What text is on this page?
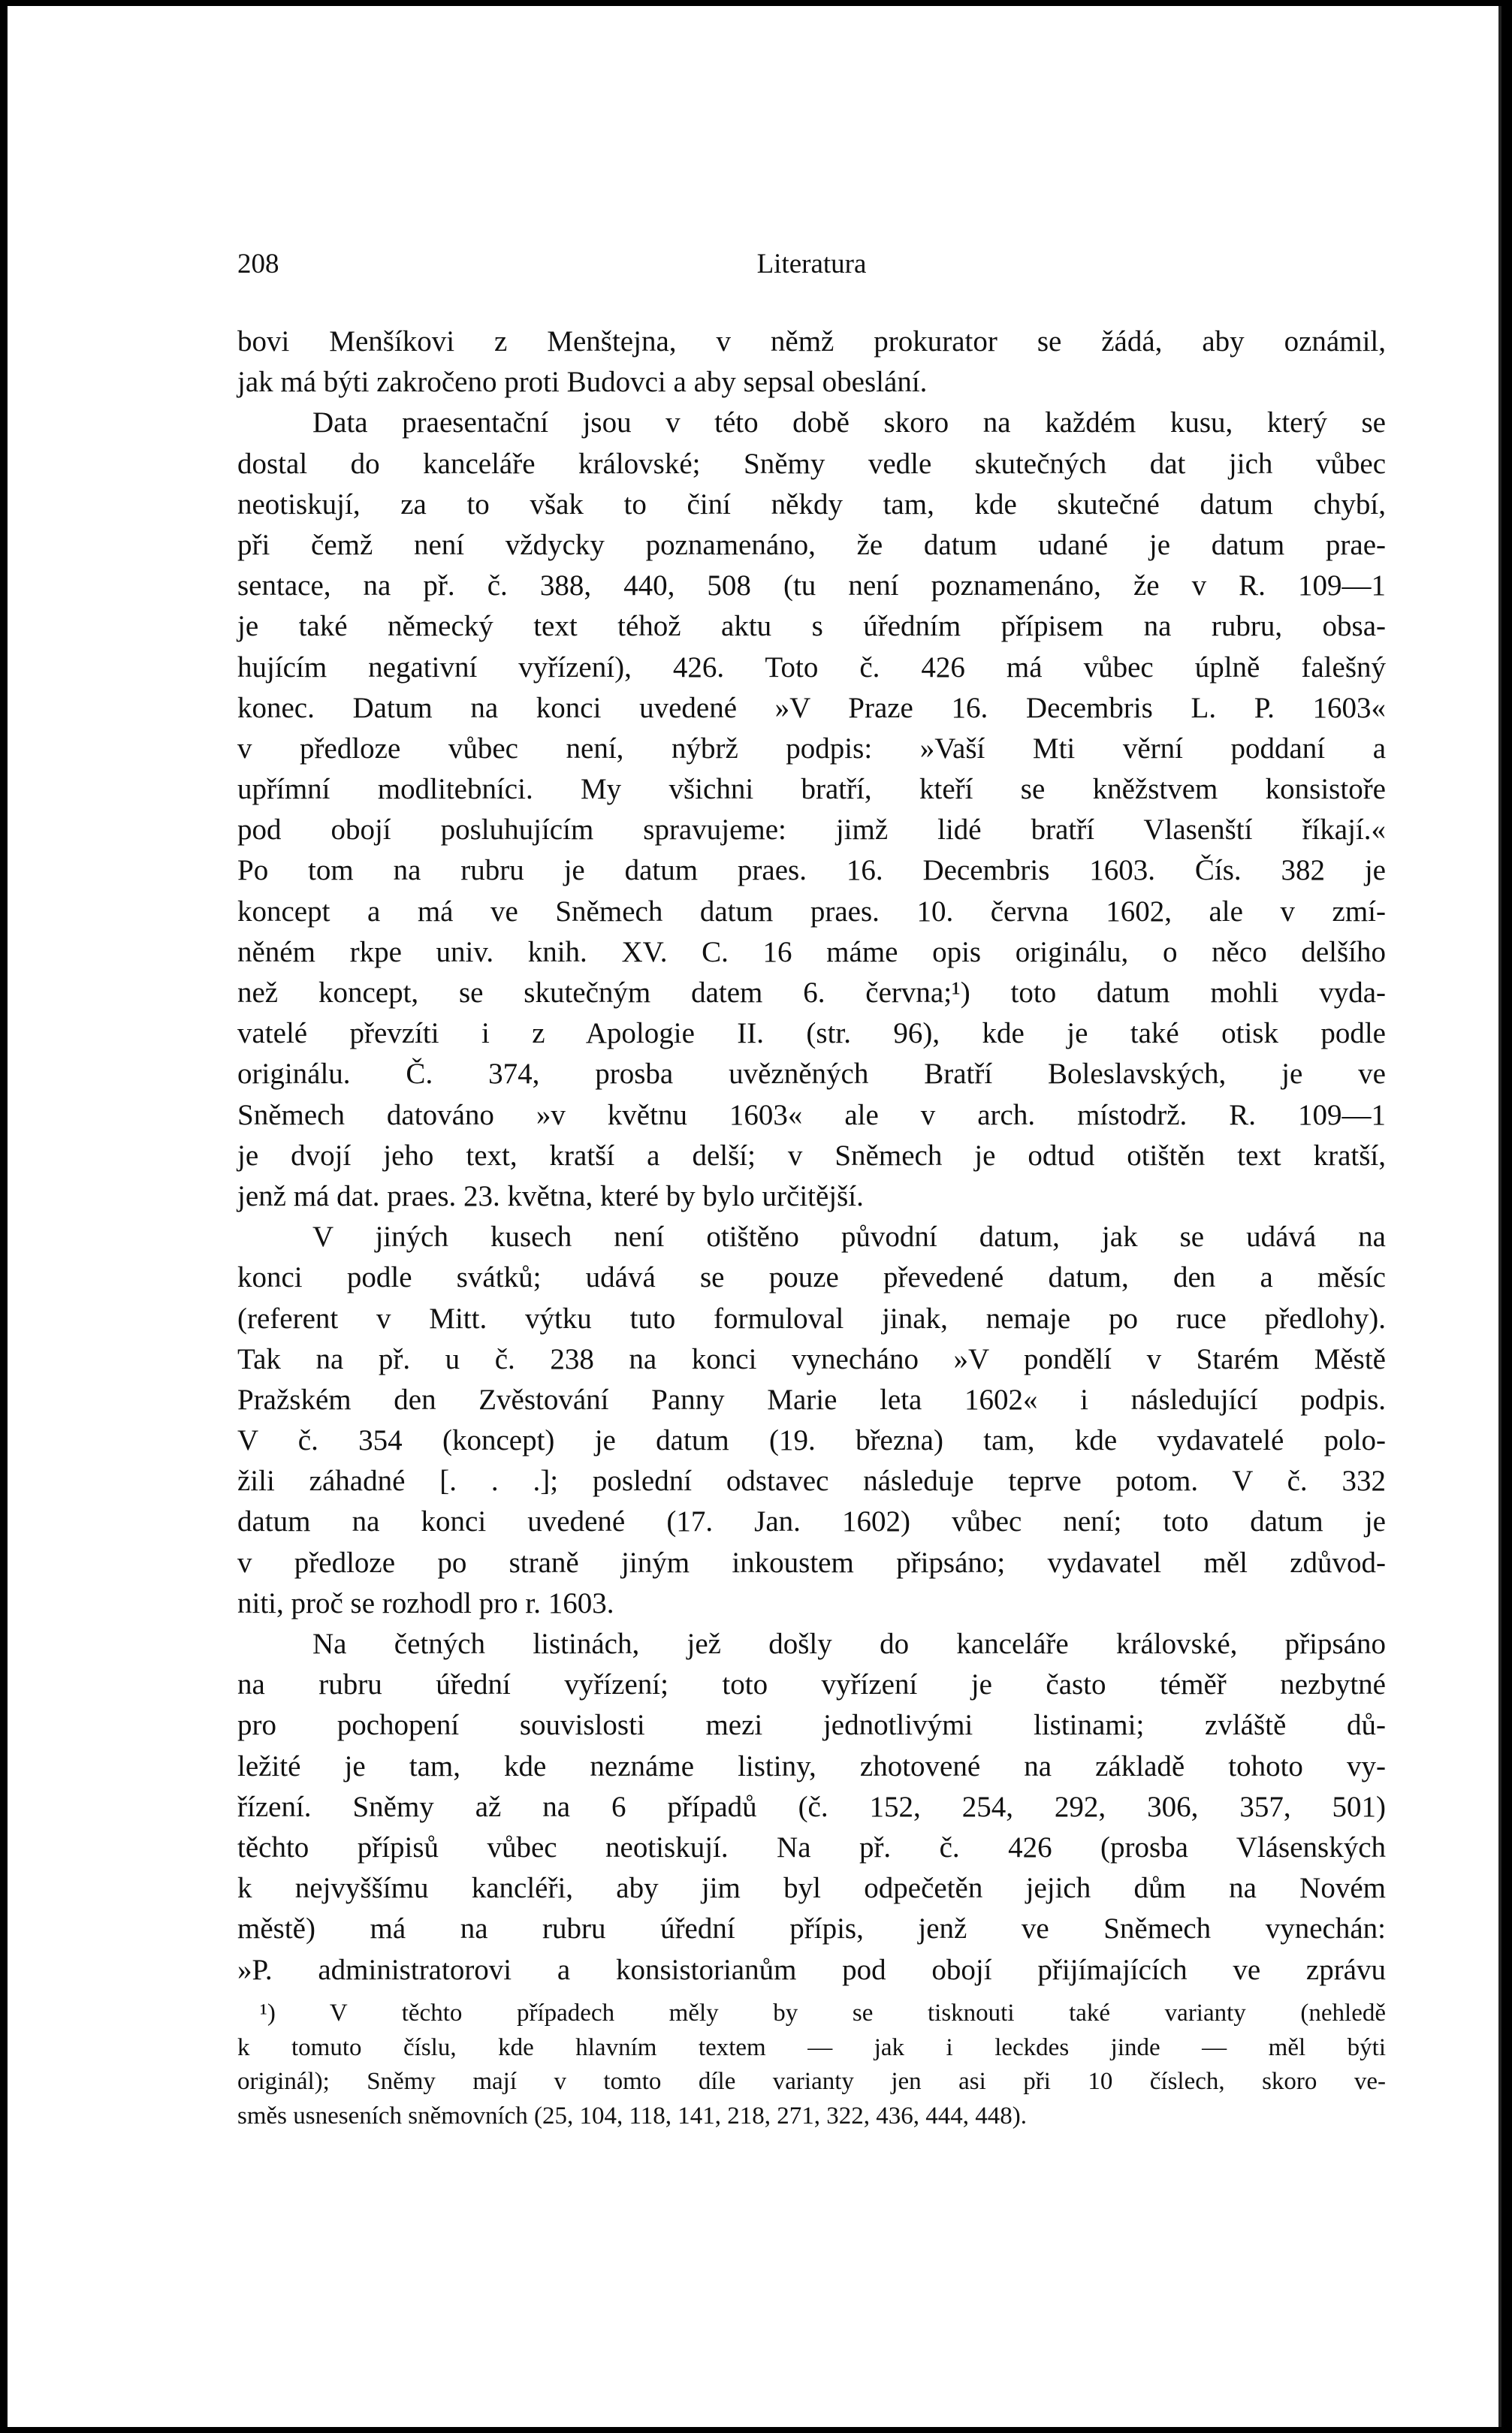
208	Literatura
bovi Menšíkovi z Menštejna, v němž prokurator se žádá, aby oznámil,
jak má býti zakročeno proti Budovci a aby sepsal obeslání.
Data praesentační jsou v této době skoro na každém kusu, který se
dostal do kanceláře královské; Sněmy vedle skutečných dat jich vůbec
neotiskují, za to však to činí někdy tam, kde skutečné datum chybí,
při čemž není vždycky poznamenáno, že datum udané je datum prae-
sentace, na př. č. 388, 440, 508 (tu není poznamenáno, že v R. 109—1
je také německý text téhož aktu s úředním přípisem na rubru, obsa-
hujícím negativní vyřízení), 426. Toto č. 426 má vůbec úplně falešný
konec. Datum na konci uvedené »V Praze 16. Decembris L. P. 1603«
v předloze vůbec není, nýbrž podpis: »Vaší Mti věrní poddaní a
upřímní modlitebníci. My všichni bratří, kteří se kněžstvem konsistoře
pod obojí posluhujícím spravujeme: jimž lidé bratří Vlasenští říkají.«
Po tom na rubru je datum praes. 16. Decembris 1603. Čís. 382 je
koncept a má ve Sněmech datum praes. 10. června 1602, ale v zmí-
něném rkpe univ. knih. XV. C. 16 máme opis originálu, o něco delšího
než koncept, se skutečným datem 6. června;¹) toto datum mohli vyda-
vatelé převzíti i z Apologie II. (str. 96), kde je také otisk podle
originálu. Č. 374, prosba uvězněných Bratří Boleslavských, je ve
Sněmech datováno »v květnu 1603« ale v arch. místodrž. R. 109—1
je dvojí jeho text, kratší a delší; v Sněmech je odtud otištěn text kratší,
jenž má dat. praes. 23. května, které by bylo určitější.
V jiných kusech není otištěno původní datum, jak se udává na
konci podle svátků; udává se pouze převedené datum, den a měsíc
(referent v Mitt. výtku tuto formuloval jinak, nemaje po ruce předlohy).
Tak na př. u č. 238 na konci vynecháno »V pondělí v Starém Městě
Pražském den Zvěstování Panny Marie leta 1602« i následující podpis.
V č. 354 (koncept) je datum (19. března) tam, kde vydavatelé polo-
žili záhadné [. . .]; poslední odstavec následuje teprve potom. V č. 332
datum na konci uvedené (17. Jan. 1602) vůbec není; toto datum je
v předloze po straně jiným inkoustem připsáno; vydavatel měl zdůvod-
niti, proč se rozhodl pro r. 1603.
Na četných listinách, jež došly do kanceláře královské, připsáno
na rubru úřední vyřízení; toto vyřízení je často téměř nezbytné
pro pochopení souvislosti mezi jednotlivými listinami; zvláště dů-
ležité je tam, kde neznáme listiny, zhotovené na základě tohoto vy-
řízení. Sněmy až na 6 případů (č. 152, 254, 292, 306, 357, 501)
těchto přípisů vůbec neotiskují. Na př. č. 426 (prosba Vlásenských
k nejvyššímu kancléři, aby jim byl odpečetěn jejich dům na Novém
městě) má na rubru úřední přípis, jenž ve Sněmech vynechán:
»P. administratorovi a konsistorianům pod obojí přijímajících ve zprávu
¹) V těchto případech měly by se tisknouti také varianty (nehledě
k tomuto číslu, kde hlavním textem — jak i leckdes jinde — měl býti
originál); Sněmy mají v tomto díle varianty jen asi při 10 číslech, skoro ve-
směs usneseních sněmovních (25, 104, 118, 141, 218, 271, 322, 436, 444, 448).
